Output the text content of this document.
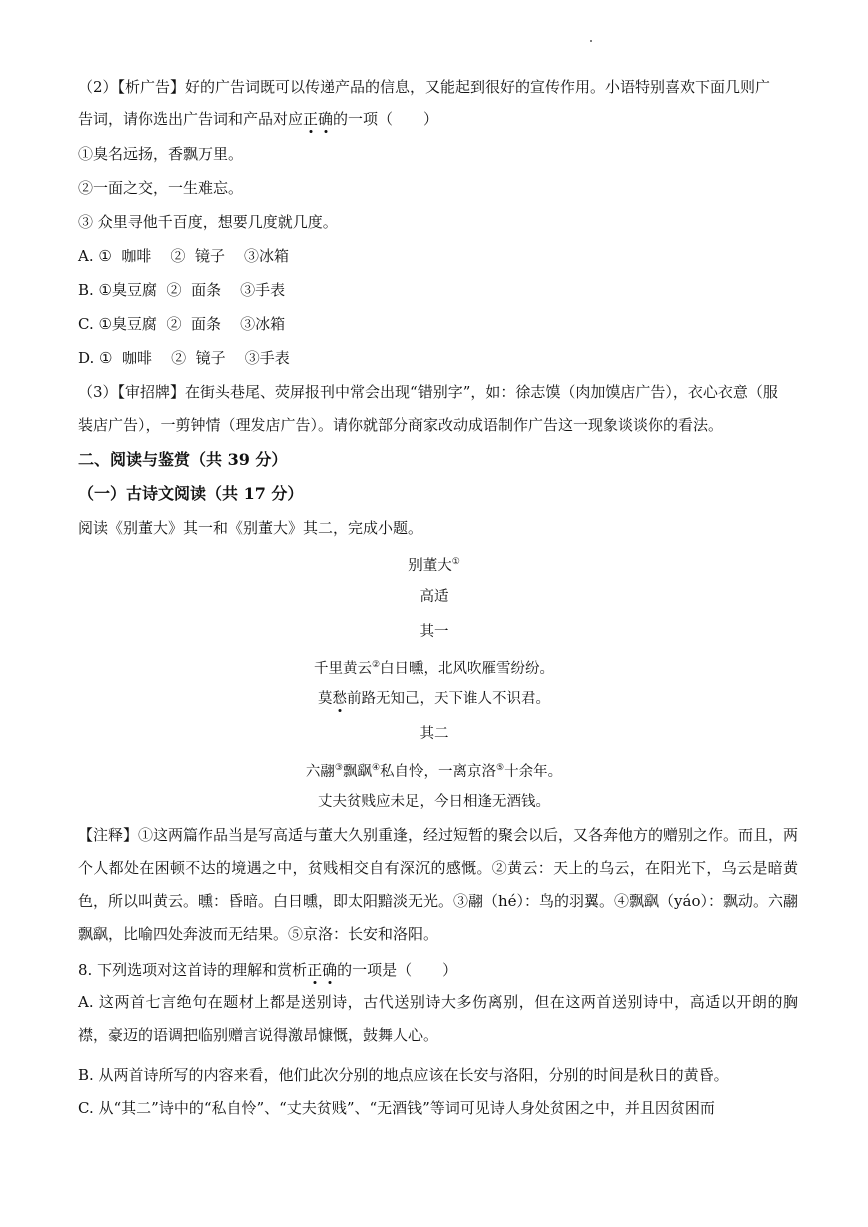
（2）【析广告】好的广告词既可以传递产品的信息，又能起到很好的宣传作用。小语特别喜欢下面几则广
告词，请你选出广告词和产品对应正确的一项（　　）
①臭名远扬，香飘万里。
②一面之交，一生难忘。
③ 众里寻他千百度，想要几度就几度。
A. ①  咖啡    ②  镜子    ③冰箱
B. ①臭豆腐  ②  面条    ③手表
C. ①臭豆腐  ②  面条    ③冰箱
D. ①  咖啡    ②  镜子    ③手表
（3）【审招牌】在街头巷尾、荧屏报刊中常会出现“错别字”，如：徐志馍（肉加馍店广告），衣心衣意（服
装店广告），一剪钟情（理发店广告）。请你就部分商家改动成语制作广告这一现象谈谈你的看法。
二、阅读与鉴赏（共 39 分）
（一）古诗文阅读（共 17 分）
阅读《别董大》其一和《别董大》其二，完成小题。
别董大①
高适
其一
千里黄云②白日曛，北风吹雁雪纷纷。
莫愁前路无知己，天下谁人不识君。
其二
六翮③飘飖④私自怜，一离京洛⑤十余年。
丈夫贫贱应未足，今日相逢无酒钱。
【注释】①这两篇作品当是写高适与董大久别重逢，经过短暂的聚会以后，又各奔他方的赠别之作。而且，两个人都处在困顿不达的境遇之中，贫贱相交自有深沉的感慨。②黄云：天上的乌云，在阳光下，乌云是暗黄色，所以叫黄云。曛：昏暗。白日曛，即太阳黯淡无光。③翮（hé）：鸟的羽翼。④飘飖（yáo）：飘动。六翮飘飖，比喻四处奔波而无结果。⑤京洛：长安和洛阳。
8. 下列选项对这首诗的理解和赏析正确的一项是（　　）
A. 这两首七言绝句在题材上都是送别诗，古代送别诗大多伤离别，但在这两首送别诗中，高适以开朗的胸襟，豪迈的语调把临别赠言说得激昂慷慨，鼓舞人心。
B. 从两首诗所写的内容来看，他们此次分别的地点应该在长安与洛阳，分别的时间是秋日的黄昏。
C. 从“其二”诗中的“私自怜”、“丈夫贫贱”、“无酒钱”等词可见诗人身处贫困之中，并且因贫困而
